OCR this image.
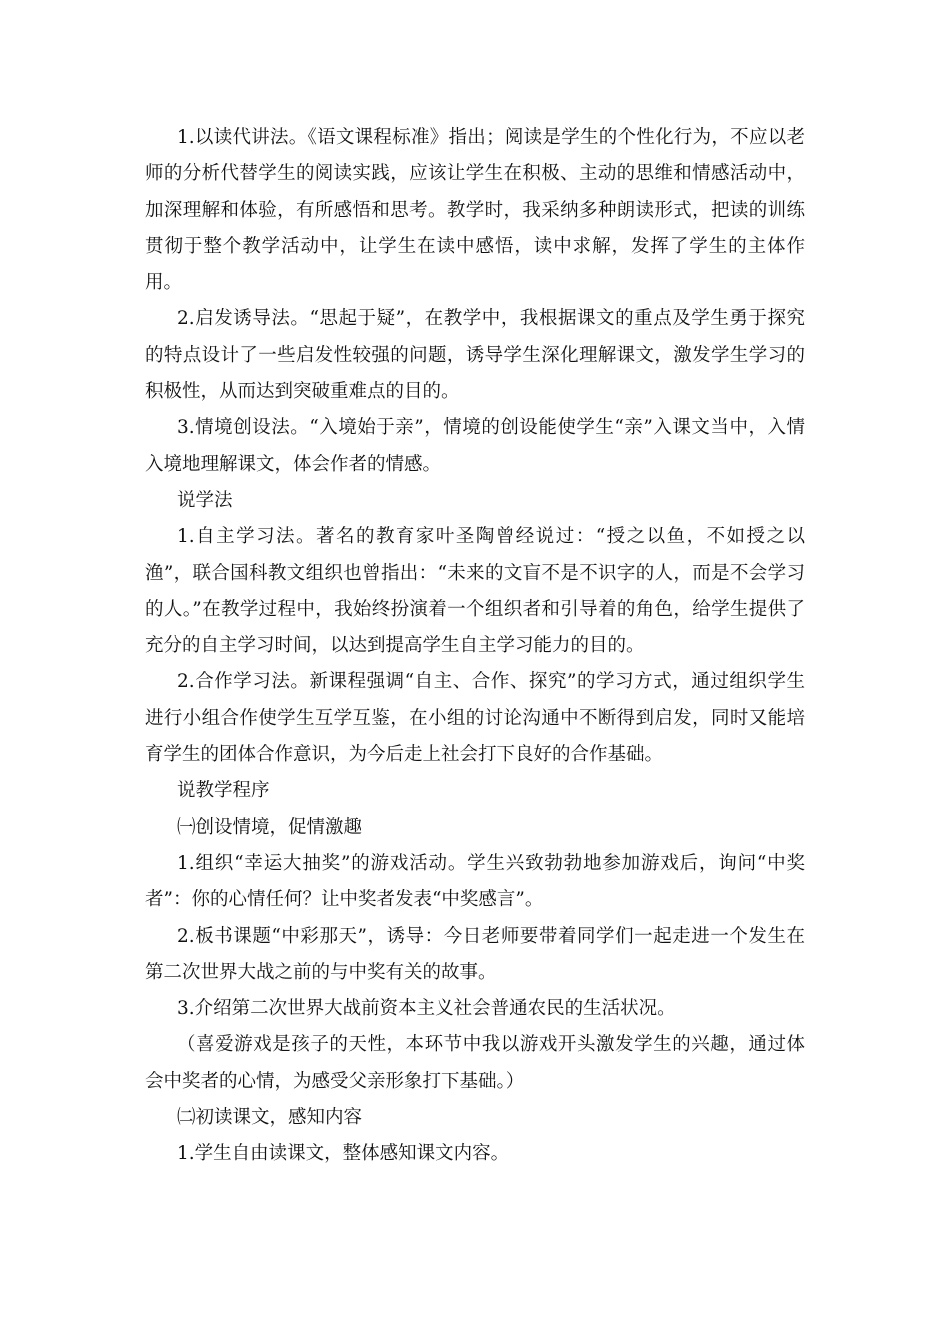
1.以读代讲法。《语文课程标准》指出；阅读是学生的个性化行为，不应以老师的分析代替学生的阅读实践，应该让学生在积极、主动的思维和情感活动中，加深理解和体验，有所感悟和思考。教学时，我采纳多种朗读形式，把读的训练贯彻于整个教学活动中，让学生在读中感悟，读中求解，发挥了学生的主体作用。

2.启发诱导法。“思起于疑”，在教学中，我根据课文的重点及学生勇于探究的特点设计了一些启发性较强的问题，诱导学生深化理解课文，激发学生学习的积极性，从而达到突破重难点的目的。

3.情境创设法。“入境始于亲”，情境的创设能使学生“亲”入课文当中，入情入境地理解课文，体会作者的情感。

说学法

1.自主学习法。著名的教育家叶圣陶曾经说过：“授之以鱼，不如授之以渔”，联合国科教文组织也曾指出：“未来的文盲不是不识字的人，而是不会学习的人。”在教学过程中，我始终扮演着一个组织者和引导着的角色，给学生提供了充分的自主学习时间，以达到提高学生自主学习能力的目的。

2.合作学习法。新课程强调“自主、合作、探究”的学习方式，通过组织学生进行小组合作使学生互学互鉴，在小组的讨论沟通中不断得到启发，同时又能培育学生的团体合作意识，为今后走上社会打下良好的合作基础。

说教学程序

㈠创设情境，促情激趣

1.组织“幸运大抽奖”的游戏活动。学生兴致勃勃地参加游戏后，询问“中奖者”：你的心情任何？让中奖者发表“中奖感言”。

2.板书课题“中彩那天”，诱导：今日老师要带着同学们一起走进一个发生在第二次世界大战之前的与中奖有关的故事。

3.介绍第二次世界大战前资本主义社会普通农民的生活状况。

（喜爱游戏是孩子的天性，本环节中我以游戏开头激发学生的兴趣，通过体会中奖者的心情，为感受父亲形象打下基础。）

㈡初读课文，感知内容

1.学生自由读课文，整体感知课文内容。
